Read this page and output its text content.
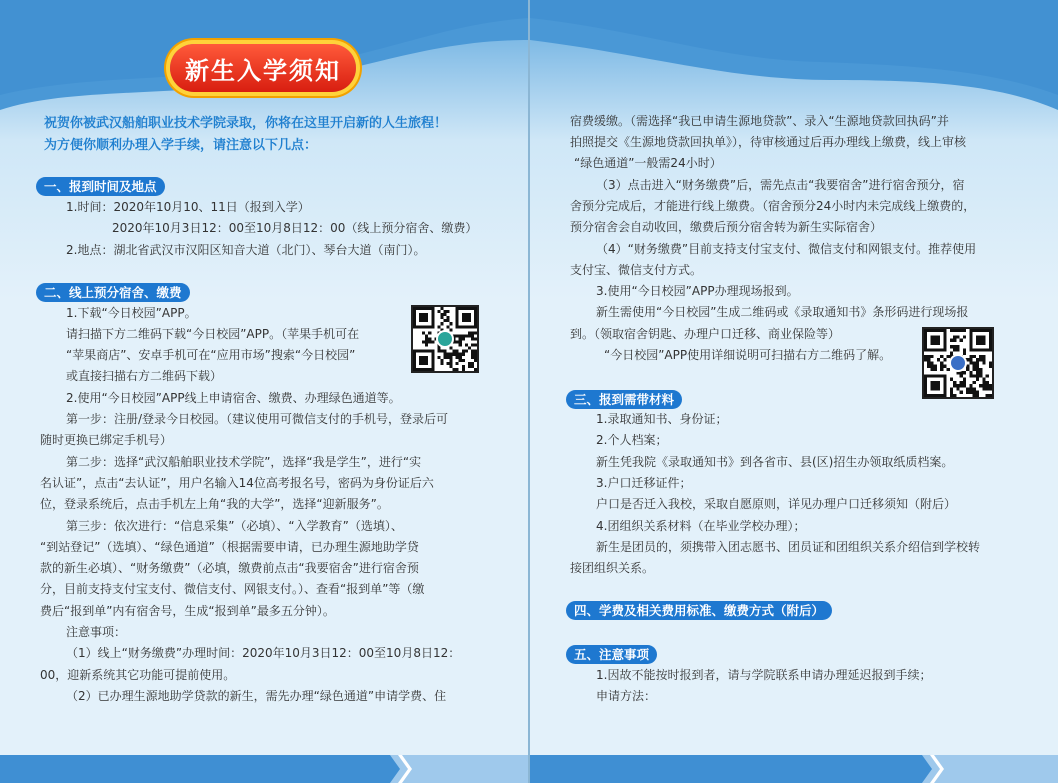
新生入学须知
祝贺你被武汉船舶职业技术学院录取，你将在这里开启新的人生旅程！
为方便你顺利办理入学手续，请注意以下几点：
一、报到时间及地点
1.时间：2020年10月10、11日（报到入学）
2020年10月3日12：00至10月8日12：00（线上预分宿舍、缴费）
2.地点：湖北省武汉市汉阳区知音大道（北门）、琴台大道（南门）。
二、线上预分宿舍、缴费
1.下载“今日校园”APP。
请扫描下方二维码下载“今日校园”APP。（苹果手机可在
“苹果商店”、安卓手机可在“应用市场”搜索“今日校园”
或直接扫描右方二维码下载）
2.使用“今日校园”APP线上申请宿舍、缴费、办理绿色通道等。
第一步：注册/登录今日校园。（建议使用可微信支付的手机号，登录后可
随时更换已绑定手机号）
第二步：选择“武汉船舶职业技术学院”，选择“我是学生”，进行“实
名认证”，点击“去认证”，用户名输入14位高考报名号，密码为身份证后六
位，登录系统后，点击手机左上角“我的大学”，选择“迎新服务”。
第三步：依次进行：“信息采集”（必填）、“入学教育”（选填）、
“到站登记”（选填）、“绿色通道”（根据需要申请，已办理生源地助学贷
款的新生必填）、“财务缴费”（必填，缴费前点击“我要宿舍”进行宿舍预
分，目前支持支付宝支付、微信支付、网银支付。）、查看“报到单”等（缴
费后“报到单”内有宿舍号，生成“报到单”最多五分钟）。
注意事项：
（1）线上“财务缴费”办理时间：2020年10月3日12：00至10月8日12：
00，迎新系统其它功能可提前使用。
（2）已办理生源地助学贷款的新生，需先办理“绿色通道”申请学费、住
宿费缓缴。（需选择“我已申请生源地贷款”、录入“生源地贷款回执码”并
拍照提交《生源地贷款回执单》），待审核通过后再办理线上缴费，线上审核
“绿色通道”一般需24小时）
（3）点击进入“财务缴费”后，需先点击“我要宿舍”进行宿舍预分，宿
舍预分完成后，才能进行线上缴费。（宿舍预分24小时内未完成线上缴费的，
预分宿舍会自动收回，缴费后预分宿舍转为新生实际宿舍）
（4）“财务缴费”目前支持支付宝支付、微信支付和网银支付。推荐使用
支付宝、微信支付方式。
3.使用“今日校园”APP办理现场报到。
新生需使用“今日校园”生成二维码或《录取通知书》条形码进行现场报
到。（领取宿舍钥匙、办理户口迁移、商业保险等）
“今日校园”APP使用详细说明可扫描右方二维码了解。
三、报到需带材料
1.录取通知书、身份证；
2.个人档案；
新生凭我院《录取通知书》到各省市、县(区)招生办领取纸质档案。
3.户口迁移证件；
户口是否迁入我校，采取自愿原则，详见办理户口迁移须知（附后）
4.团组织关系材料（在毕业学校办理）；
新生是团员的，须携带入团志愿书、团员证和团组织关系介绍信到学校转
接团组织关系。
四、学费及相关费用标准、缴费方式（附后）
五、注意事项
1.因故不能按时报到者，请与学院联系申请办理延迟报到手续；
申请方法：
